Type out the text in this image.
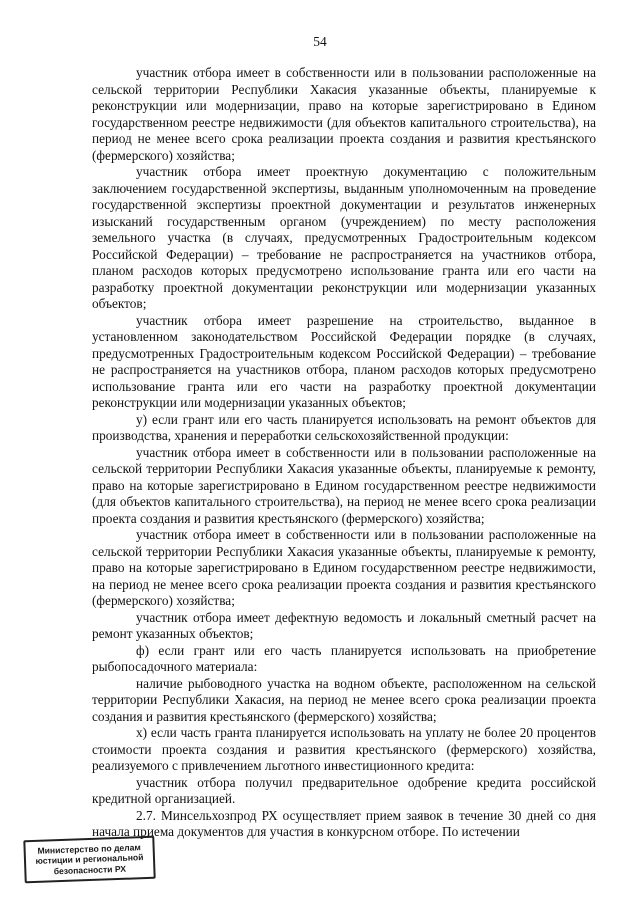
54

участник отбора имеет в собственности или в пользовании расположенные на сельской территории Республики Хакасия указанные объекты, планируемые к реконструкции или модернизации, право на которые зарегистрировано в Едином государственном реестре недвижимости (для объектов капитального строительства), на период не менее всего срока реализации проекта создания и развития крестьянского (фермерского) хозяйства;

участник отбора имеет проектную документацию с положительным заключением государственной экспертизы, выданным уполномоченным на проведение государственной экспертизы проектной документации и результатов инженерных изысканий государственным органом (учреждением) по месту расположения земельного участка (в случаях, предусмотренных Градостроительным кодексом Российской Федерации) – требование не распространяется на участников отбора, планом расходов которых предусмотрено использование гранта или его части на разработку проектной документации реконструкции или модернизации указанных объектов;

участник отбора имеет разрешение на строительство, выданное в установленном законодательством Российской Федерации порядке (в случаях, предусмотренных Градостроительным кодексом Российской Федерации) – требование не распространяется на участников отбора, планом расходов которых предусмотрено использование гранта или его части на разработку проектной документации реконструкции или модернизации указанных объектов;

у) если грант или его часть планируется использовать на ремонт объектов для производства, хранения и переработки сельскохозяйственной продукции:

участник отбора имеет в собственности или в пользовании расположенные на сельской территории Республики Хакасия указанные объекты, планируемые к ремонту, право на которые зарегистрировано в Едином государственном реестре недвижимости (для объектов капитального строительства), на период не менее всего срока реализации проекта создания и развития крестьянского (фермерского) хозяйства;

участник отбора имеет в собственности или в пользовании расположенные на сельской территории Республики Хакасия указанные объекты, планируемые к ремонту, право на которые зарегистрировано в Едином государственном реестре недвижимости, на период не менее всего срока реализации проекта создания и развития крестьянского (фермерского) хозяйства;

участник отбора имеет дефектную ведомость и локальный сметный расчет на ремонт указанных объектов;

ф) если грант или его часть планируется использовать на приобретение рыбопосадочного материала:

наличие рыбоводного участка на водном объекте, расположенном на сельской территории Республики Хакасия, на период не менее всего срока реализации проекта создания и развития крестьянского (фермерского) хозяйства;

х) если часть гранта планируется использовать на уплату не более 20 процентов стоимости проекта создания и развития крестьянского (фермерского) хозяйства, реализуемого с привлечением льготного инвестиционного кредита:

участник отбора получил предварительное одобрение кредита российской кредитной организацией.

2.7. Минсельхозпрод РХ осуществляет прием заявок в течение 30 дней со дня начала приема документов для участия в конкурсном отборе. По истечении

Министерство по делам
юстиции и региональной
безопасности РХ
